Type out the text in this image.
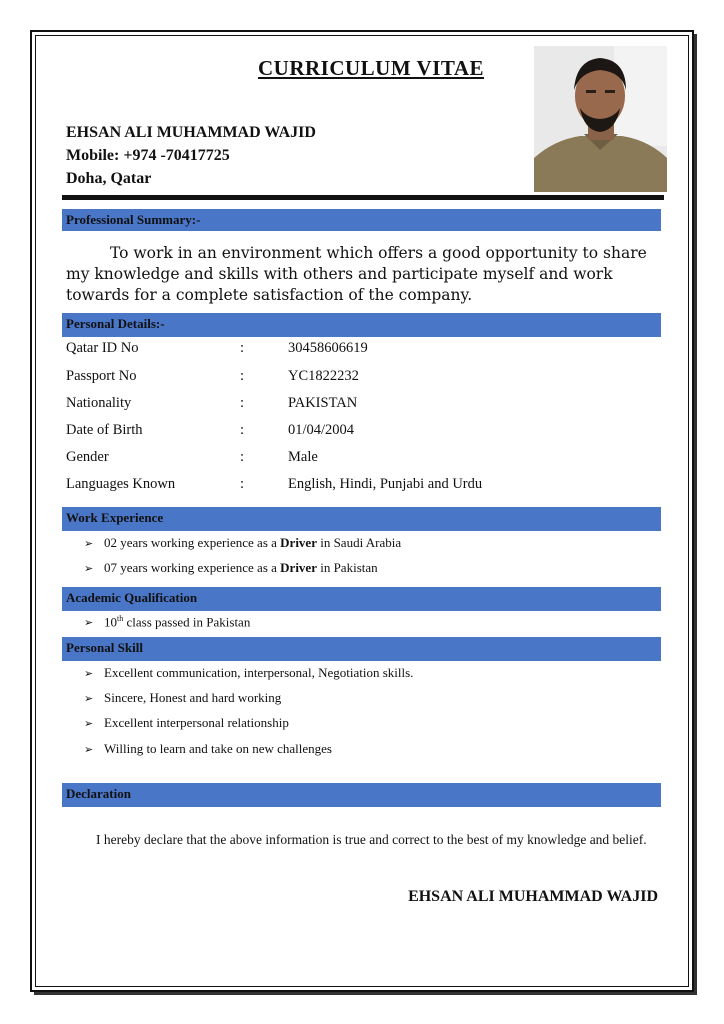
CURRICULUM VITAE
EHSAN ALI MUHAMMAD WAJID
Mobile: +974 -70417725
Doha, Qatar
Professional Summary:-
To work in an environment which offers a good opportunity to share my knowledge and skills with others and participate myself and work towards for a complete satisfaction of the company.
Personal Details:-
Qatar ID No	:	30458606619
Passport No	:	YC1822232
Nationality	:	PAKISTAN
Date of Birth	:	01/04/2004
Gender	:	Male
Languages Known	:	English, Hindi, Punjabi and Urdu
Work Experience
➢ 02 years working experience as a Driver in Saudi Arabia
➢ 07 years working experience as a Driver in Pakistan
Academic Qualification
➢ 10th class passed in Pakistan
Personal Skill
➢ Excellent communication, interpersonal, Negotiation skills.
➢ Sincere, Honest and hard working
➢ Excellent interpersonal relationship
➢ Willing to learn and take on new challenges
Declaration
I hereby declare that the above information is true and correct to the best of my knowledge and belief.
EHSAN ALI MUHAMMAD WAJID
